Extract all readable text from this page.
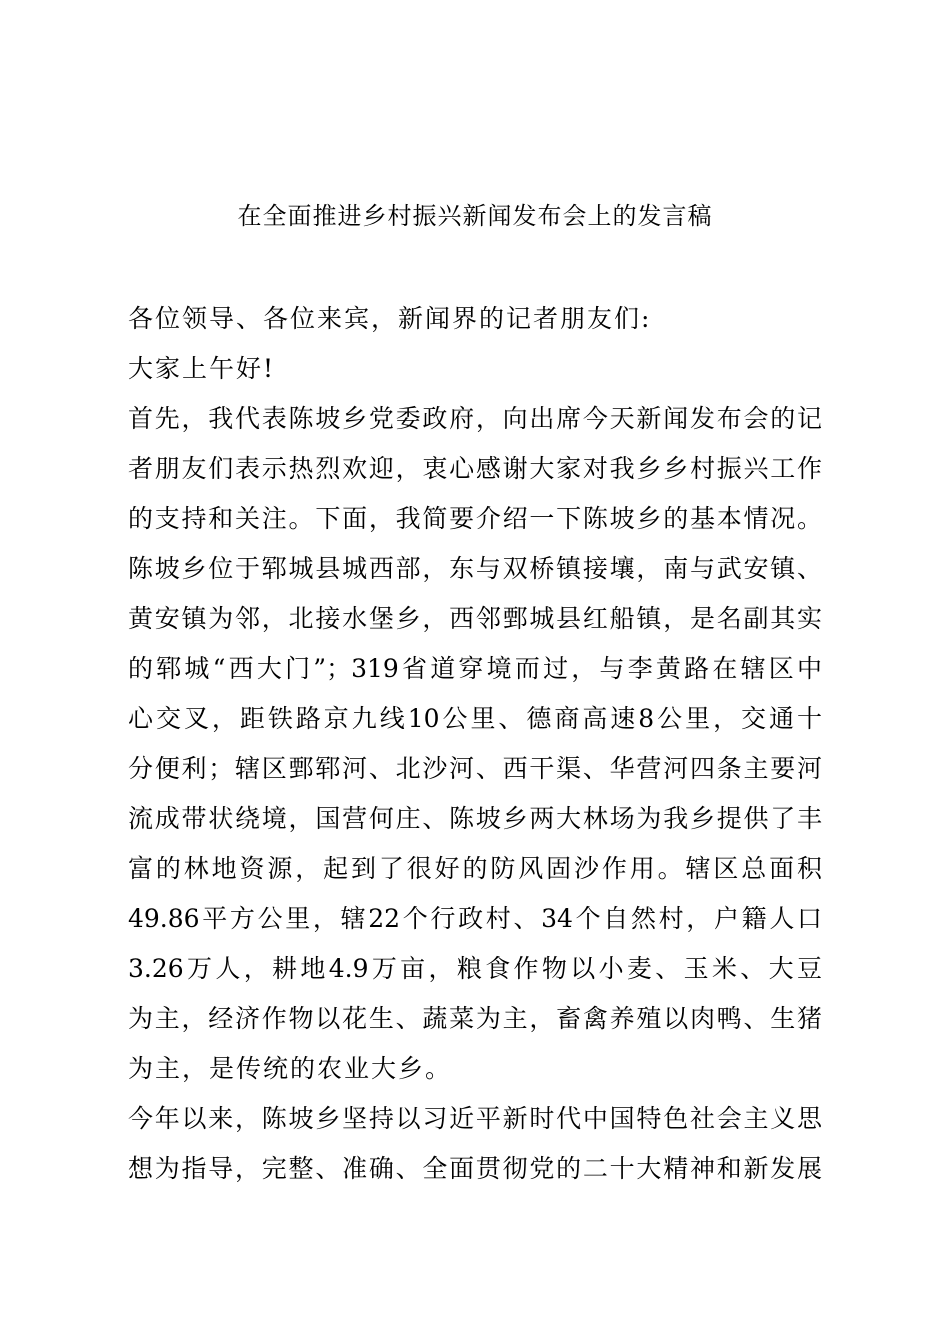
在全面推进乡村振兴新闻发布会上的发言稿
各位领导、各位来宾，新闻界的记者朋友们:
大家上午好!
首先，我代表陈坡乡党委政府，向出席今天新闻发布会的记
者朋友们表示热烈欢迎，衷心感谢大家对我乡乡村振兴工作
的支持和关注。下面，我简要介绍一下陈坡乡的基本情况。
陈坡乡位于郓城县城西部，东与双桥镇接壤，南与武安镇、
黄安镇为邻，北接水堡乡，西邻鄄城县红船镇，是名副其实
的郓城“西大门”；319省道穿境而过，与李黄路在辖区中
心交叉，距铁路京九线10公里、德商高速8公里，交通十
分便利；辖区鄄郓河、北沙河、西干渠、华营河四条主要河
流成带状绕境，国营何庄、陈坡乡两大林场为我乡提供了丰
富的林地资源，起到了很好的防风固沙作用。辖区总面积
49.86平方公里，辖22个行政村、34个自然村，户籍人口
3.26万人，耕地4.9万亩，粮食作物以小麦、玉米、大豆
为主，经济作物以花生、蔬菜为主，畜禽养殖以肉鸭、生猪
为主，是传统的农业大乡。
今年以来，陈坡乡坚持以习近平新时代中国特色社会主义思
想为指导，完整、准确、全面贯彻党的二十大精神和新发展
